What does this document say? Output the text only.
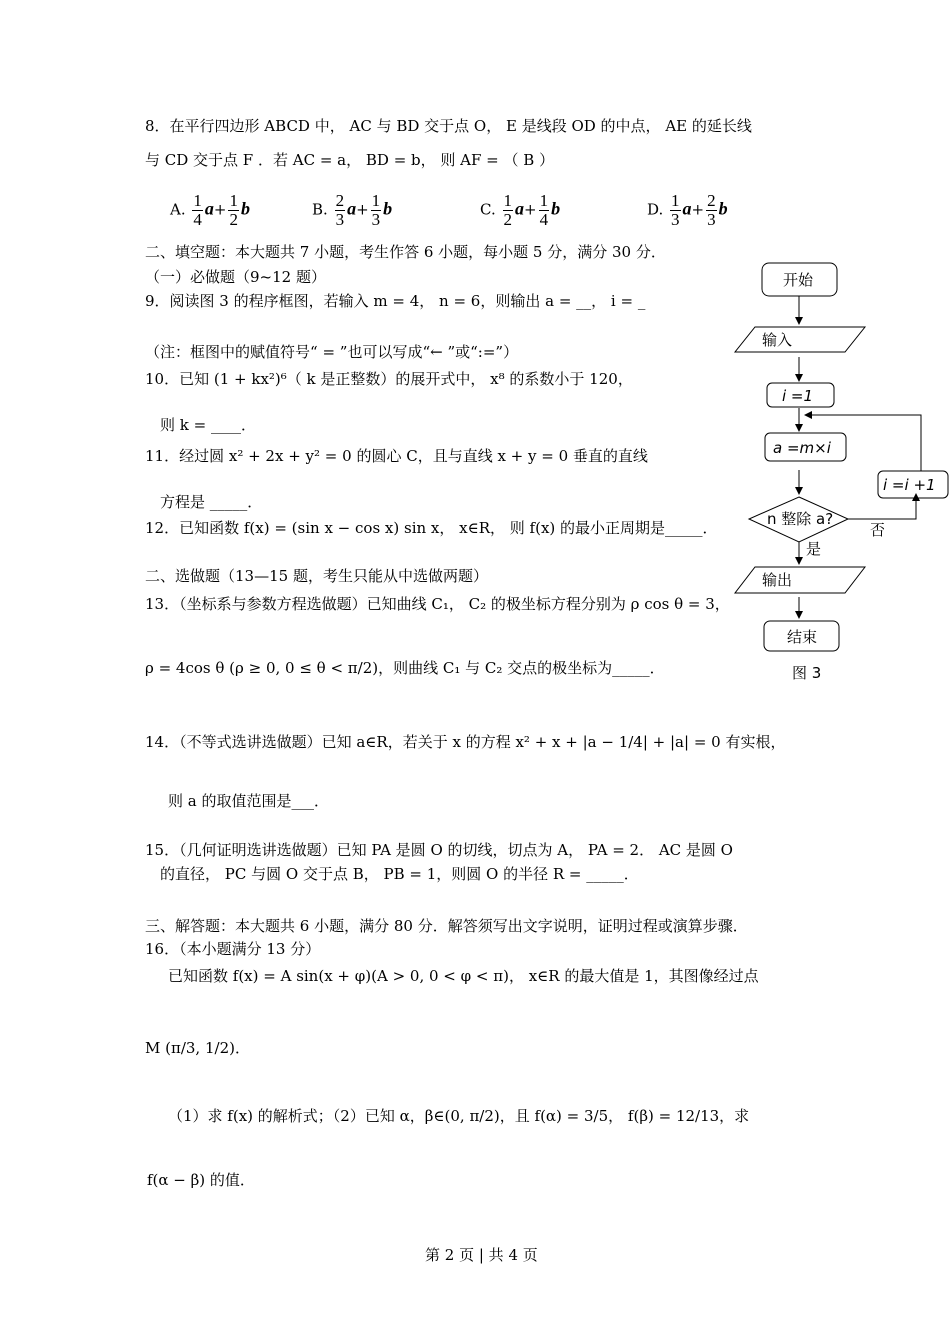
8．在平行四边形 ABCD 中， AC 与 BD 交于点 O， E 是线段 OD 的中点， AE 的延长线
与 CD 交于点 F ．若 AC = a， BD = b， 则 AF = （ B ）
A. $\frac{1}{4} a+ \frac{1}{2}$ b	B. $\frac{2}{3} a+ \frac{1}{3}$ b	C. $\frac{1}{2} a+ \frac{1}{4}$ b	D. $\frac{1}{3} a+ \frac{2}{3}$ b
二、填空题：本大题共 7 小题，考生作答 6 小题，每小题 5 分，满分 30 分．
（一）必做题（9~12 题）
9．阅读图 3 的程序框图，若输入 m = 4， n = 6，则输出 a = __， i = _
（注：框图中的赋值符号“ = ”也可以写成“← ”或“:=”）
10．已知 (1 + kx²)⁶（ k 是正整数）的展开式中， x⁸ 的系数小于 120，
则 k = ____．
11．经过圆 x² + 2x + y² = 0 的圆心 C，且与直线 x + y = 0 垂直的直线
方程是 _____．
12．已知函数 f(x) = (sin x − cos x) sin x， x∈R， 则 f(x) 的最小正周期是_____．
二、选做题（13—15 题，考生只能从中选做两题）
13．（坐标系与参数方程选做题）已知曲线 C₁， C₂ 的极坐标方程分别为 ρ cos θ = 3，
ρ = 4cos θ (ρ ≥ 0, 0 ≤ θ < π/2)，则曲线 C₁ 与 C₂ 交点的极坐标为_____．
14．（不等式选讲选做题）已知 a∈R，若关于 x 的方程 x² + x + |a − 1/4| + |a| = 0 有实根，
则 a 的取值范围是___．
15．（几何证明选讲选做题）已知 PA 是圆 O 的切线，切点为 A， PA = 2． AC 是圆 O
的直径， PC 与圆 O 交于点 B， PB = 1，则圆 O 的半径 R = _____．
三、解答题：本大题共 6 小题，满分 80 分．解答须写出文字说明，证明过程或演算步骤．
16．（本小题满分 13 分）
已知函数 f(x) = A sin(x + φ)(A > 0, 0 < φ < π)， x∈R 的最大值是 1，其图像经过点
M (π/3, 1/2)．
（1）求 f(x) 的解析式；（2）已知 α，β∈(0, π/2)，且 f(α) = 3/5， f(β) = 12/13，求
f(α − β) 的值．
开始
输入
i =1
a =m×i
n 整除 a?
i =i +1
是
否
输出
结束
图 3
第 2 页 | 共 4 页
